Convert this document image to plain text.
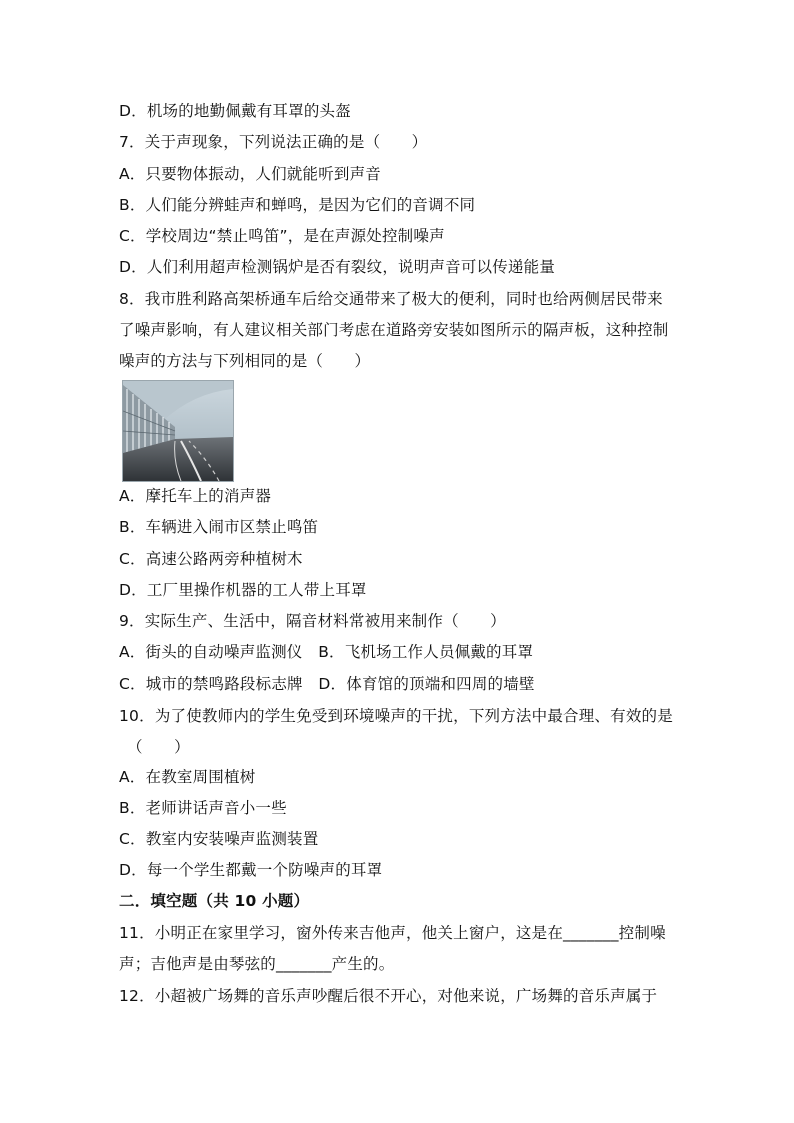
D．机场的地勤佩戴有耳罩的头盔
7．关于声现象，下列说法正确的是（　　）
A．只要物体振动，人们就能听到声音
B．人们能分辨蛙声和蝉鸣，是因为它们的音调不同
C．学校周边“禁止鸣笛”，是在声源处控制噪声
D．人们利用超声检测锅炉是否有裂纹，说明声音可以传递能量
8．我市胜利路高架桥通车后给交通带来了极大的便利，同时也给两侧居民带来
了噪声影响，有人建议相关部门考虑在道路旁安装如图所示的隔声板，这种控制
噪声的方法与下列相同的是（　　）
A．摩托车上的消声器
B．车辆进入闹市区禁止鸣笛
C．高速公路两旁种植树木
D．工厂里操作机器的工人带上耳罩
9．实际生产、生活中，隔音材料常被用来制作（　　）
A．街头的自动噪声监测仪　B．飞机场工作人员佩戴的耳罩
C．城市的禁鸣路段标志牌　D．体育馆的顶端和四周的墙壁
10．为了使教师内的学生免受到环境噪声的干扰，下列方法中最合理、有效的是
（　　）
A．在教室周围植树
B．老师讲话声音小一些
C．教室内安装噪声监测装置
D．每一个学生都戴一个防噪声的耳罩
二．填空题（共 10 小题）
11．小明正在家里学习，窗外传来吉他声，他关上窗户，这是在_______控制噪
声；吉他声是由琴弦的_______产生的。
12．小超被广场舞的音乐声吵醒后很不开心，对他来说，广场舞的音乐声属于
